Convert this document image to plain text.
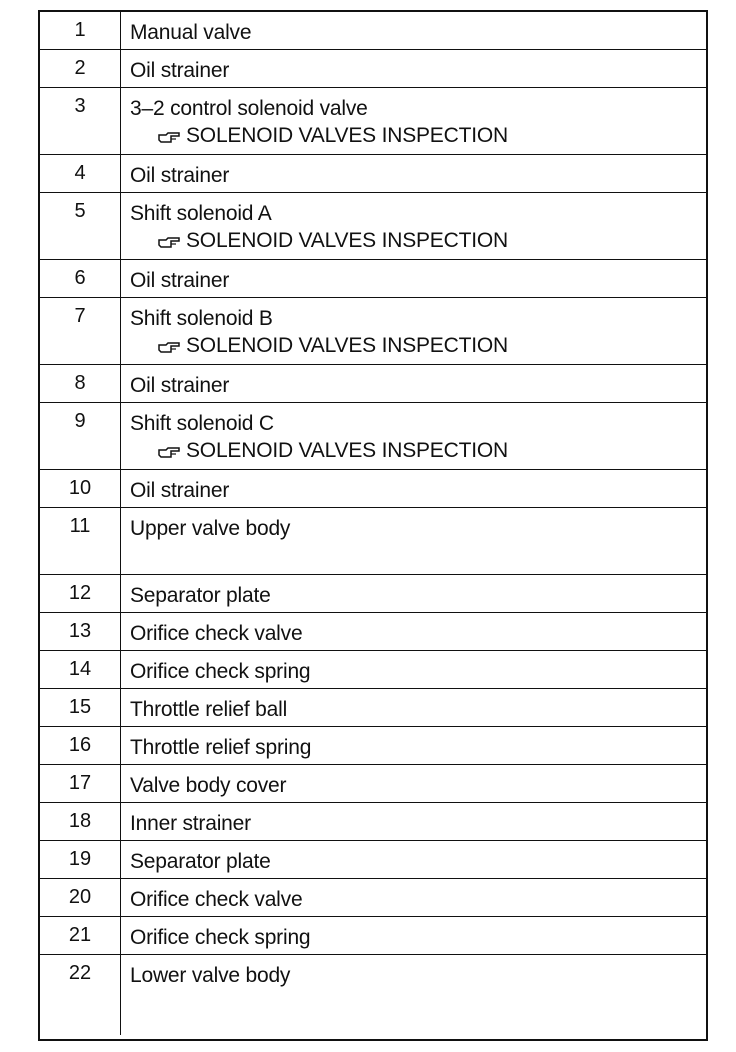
1	Manual valve
2	Oil strainer
3	3–2 control solenoid valve
SOLENOID VALVES INSPECTION
4	Oil strainer
5	Shift solenoid A
SOLENOID VALVES INSPECTION
6	Oil strainer
7	Shift solenoid B
SOLENOID VALVES INSPECTION
8	Oil strainer
9	Shift solenoid C
SOLENOID VALVES INSPECTION
10	Oil strainer
11	Upper valve body
12	Separator plate
13	Orifice check valve
14	Orifice check spring
15	Throttle relief ball
16	Throttle relief spring
17	Valve body cover
18	Inner strainer
19	Separator plate
20	Orifice check valve
21	Orifice check spring
22	Lower valve body
